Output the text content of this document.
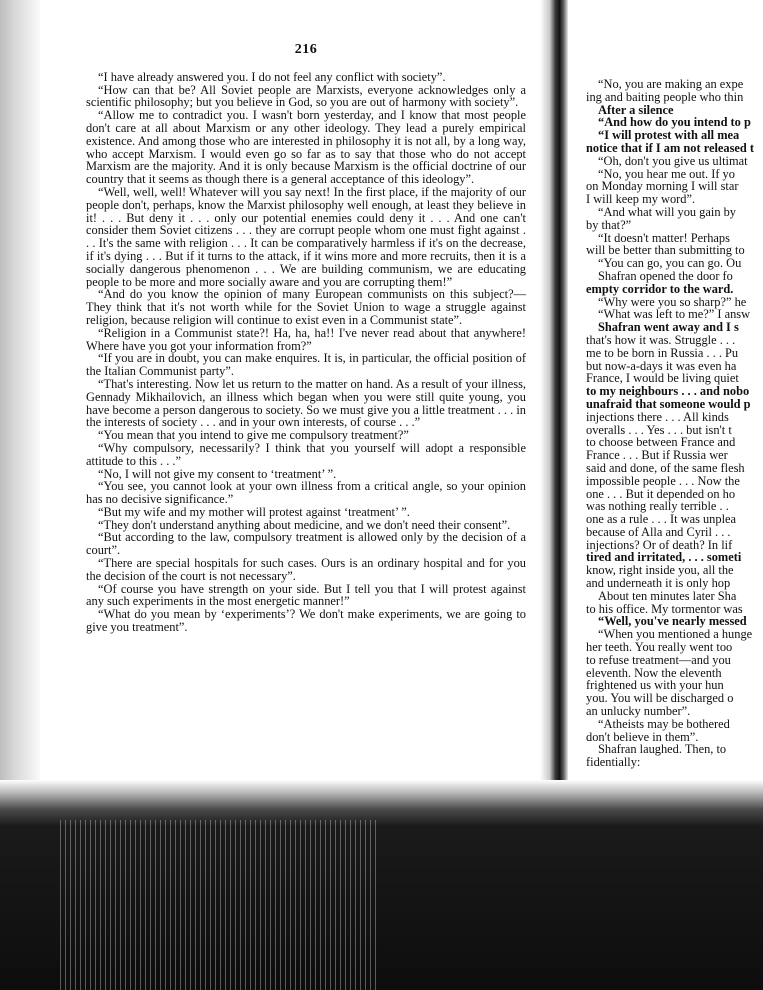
216

“I have already answered you. I do not feel any conflict with society”.

“How can that be? All Soviet people are Marxists, everyone acknowledges only a scientific philosophy; but you believe in God, so you are out of harmony with society”.

“Allow me to contradict you. I wasn't born yesterday, and I know that most people don't care at all about Marxism or any other ideology. They lead a purely empirical existence. And among those who are interested in philosophy it is not all, by a long way, who accept Marxism. I would even go so far as to say that those who do not accept Marxism are the majority. And it is only because Marxism is the official doctrine of our country that it seems as though there is a general acceptance of this ideology”.

“Well, well, well! Whatever will you say next! In the first place, if the majority of our people don't, perhaps, know the Marxist philosophy well enough, at least they believe in it! . . . But deny it . . . only our potential enemies could deny it . . . And one can't consider them Soviet citizens . . . they are corrupt people whom one must fight against . . . It's the same with religion . . . It can be comparatively harmless if it's on the decrease, if it's dying . . . But if it turns to the attack, if it wins more and more recruits, then it is a socially dangerous phenomenon . . . We are building communism, we are educating people to be more and more socially aware and you are corrupting them!”

“And do you know the opinion of many European communists on this subject?—They think that it's not worth while for the Soviet Union to wage a struggle against religion, because religion will continue to exist even in a Communist state”.

“Religion in a Communist state?! Ha, ha, ha!! I've never read about that anywhere! Where have you got your information from?”

“If you are in doubt, you can make enquires. It is, in particular, the official position of the Italian Communist party”.

“That's interesting. Now let us return to the matter on hand. As a result of your illness, Gennady Mikhailovich, an illness which began when you were still quite young, you have become a person dangerous to society. So we must give you a little treatment . . . in the interests of society . . . and in your own interests, of course . . .”

“You mean that you intend to give me compulsory treatment?”

“Why compulsory, necessarily? I think that you yourself will adopt a responsible attitude to this . . .”

“No, I will not give my consent to ‘treatment’ ”.

“You see, you cannot look at your own illness from a critical angle, so your opinion has no decisive significance.”

“But my wife and my mother will protest against ‘treatment’ ”.

“They don't understand anything about medicine, and we don't need their consent”.

“But according to the law, compulsory treatment is allowed only by the decision of a court”.

“There are special hospitals for such cases. Ours is an ordinary hospital and for you the decision of the court is not necessary”.

“Of course you have strength on your side. But I tell you that I will protest against any such experiments in the most energetic manner!”

“What do you mean by ‘experiments’? We don't make experiments, we are going to give you treatment”.

“No, you are making an expe
ing and baiting people who thin
After a silence
“And how do you intend to p
“I will protest with all mea
notice that if I am not released t
“Oh, don't you give us ultimat
“No, you hear me out. If yo
on Monday morning I will star
I will keep my word”.
“And what will you gain by
by that?”
“It doesn't matter! Perhaps
will be better than submitting to
“You can go, you can go. Ou
Shafran opened the door fo
empty corridor to the ward.
“Why were you so sharp?” he
“What was left to me?” I answ
Shafran went away and I s
that's how it was. Struggle . . .
me to be born in Russia . . . Pu
but now-a-days it was even ha
France, I would be living quiet
to my neighbours . . . and nobo
unafraid that someone would p
injections there . . . All kinds
overalls . . . Yes . . . but isn't t
to choose between France and
France . . . But if Russia wer
said and done, of the same flesh
impossible people . . . Now the
one . . . But it depended on ho
was nothing really terrible . .
one as a rule . . . It was unplea
because of Alla and Cyril . . .
injections? Or of death? In lif
tired and irritated, . . . someti
know, right inside you, all the
and underneath it is only hop
About ten minutes later Sha
to his office. My tormentor was
“Well, you've nearly messed
“When you mentioned a hunge
her teeth. You really went too
to refuse treatment—and you
eleventh. Now the eleventh
frightened us with your hun
you. You will be discharged o
an unlucky number”.
“Atheists may be bothered
don't believe in them”.
Shafran laughed. Then, to
fidentially:
